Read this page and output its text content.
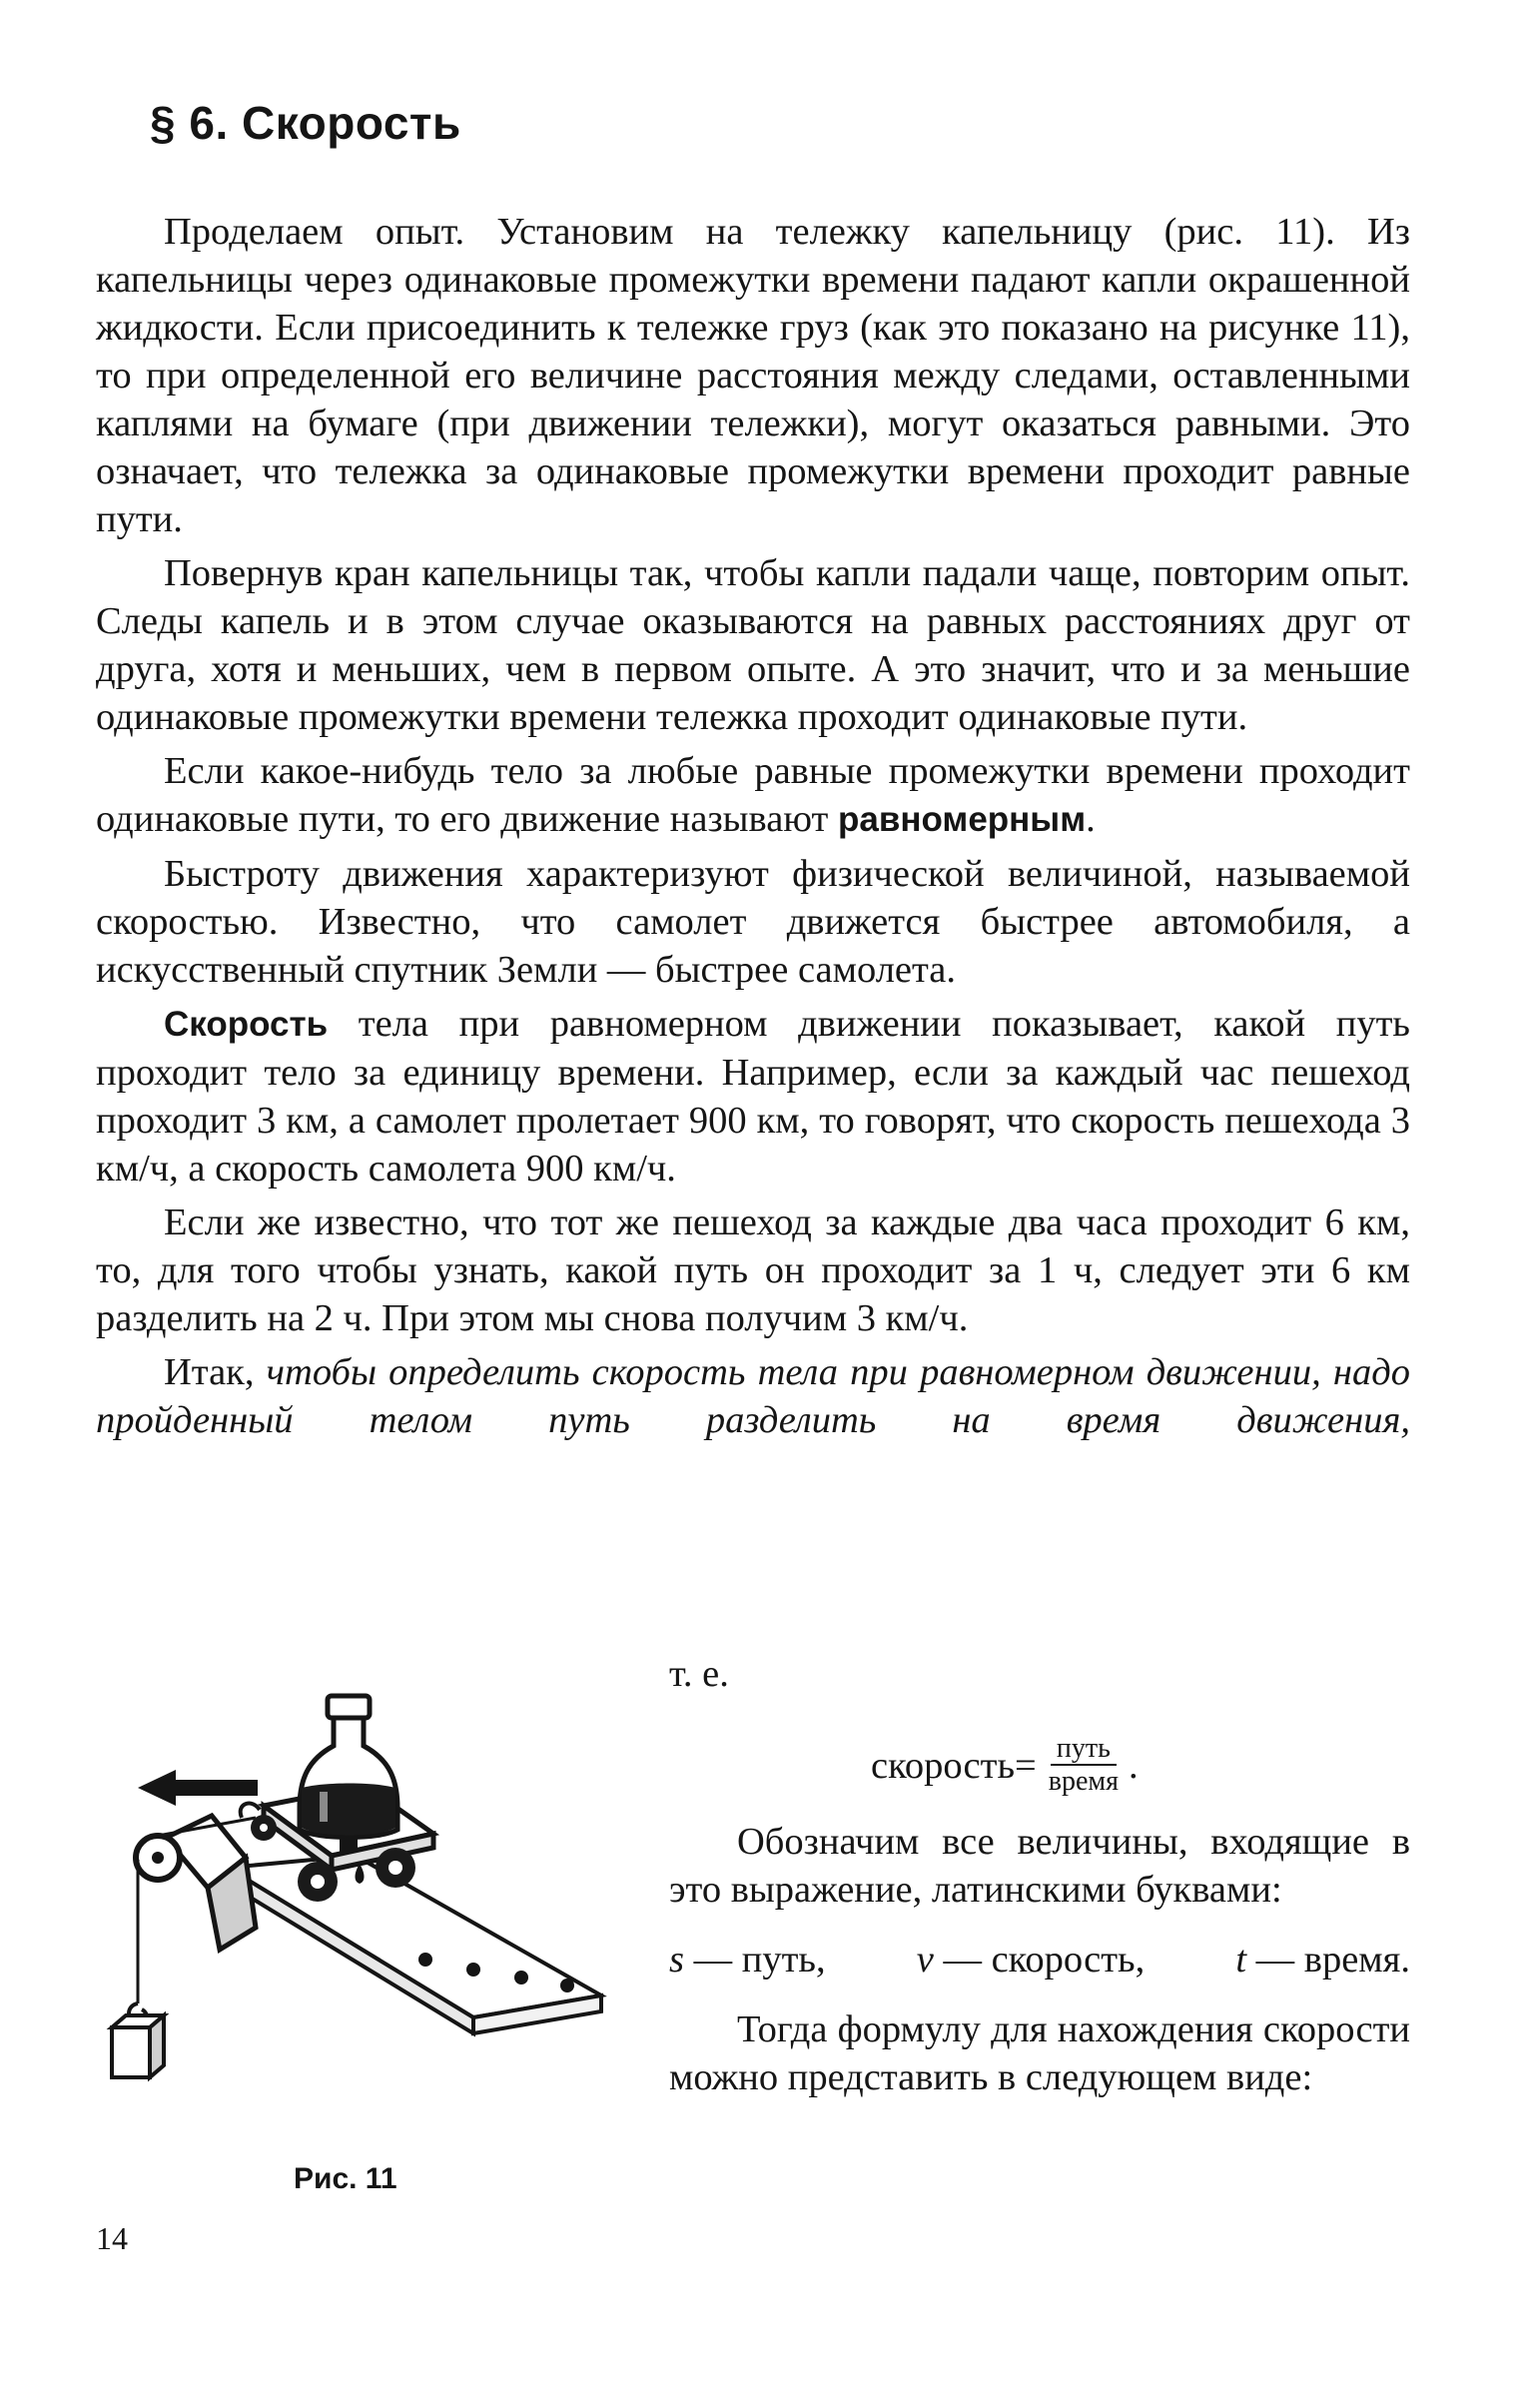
§ 6. Скорость

Проделаем опыт. Установим на тележку капельницу (рис. 11). Из капельницы через одинаковые промежутки времени падают капли окрашенной жидкости. Если присоединить к тележке груз (как это показано на рисунке 11), то при определенной его величине расстояния между следами, оставленными каплями на бумаге (при движении тележки), могут оказаться равными. Это означает, что тележка за одинаковые промежутки времени проходит равные пути.

Повернув кран капельницы так, чтобы капли падали чаще, повторим опыт. Следы капель и в этом случае оказываются на равных расстояниях друг от друга, хотя и меньших, чем в первом опыте. А это значит, что и за меньшие одинаковые промежутки времени тележка проходит одинаковые пути.

Если какое-нибудь тело за любые равные промежутки времени проходит одинаковые пути, то его движение называют равномерным.

Быстроту движения характеризуют физической величиной, называемой скоростью. Известно, что самолет движется быстрее автомобиля, а искусственный спутник Земли — быстрее самолета.

Скорость тела при равномерном движении показывает, какой путь проходит тело за единицу времени. Например, если за каждый час пешеход проходит 3 км, а самолет пролетает 900 км, то говорят, что скорость пешехода 3 км/ч, а скорость самолета 900 км/ч.

Если же известно, что тот же пешеход за каждые два часа проходит 6 км, то, для того чтобы узнать, какой путь он проходит за 1 ч, следует эти 6 км разделить на 2 ч. При этом мы снова получим 3 км/ч.

Итак, чтобы определить скорость тела при равномерном движении, надо пройденный телом путь разделить на время движения,

т. е.
скорость = $\frac{\text{путь}}{\text{время}}$ .

Обозначим все величины, входящие в это выражение, латинскими буквами:

s — путь, v — скорость, t — время.

Тогда формулу для нахождения скорости можно представить в следующем виде:

Рис. 11
14
